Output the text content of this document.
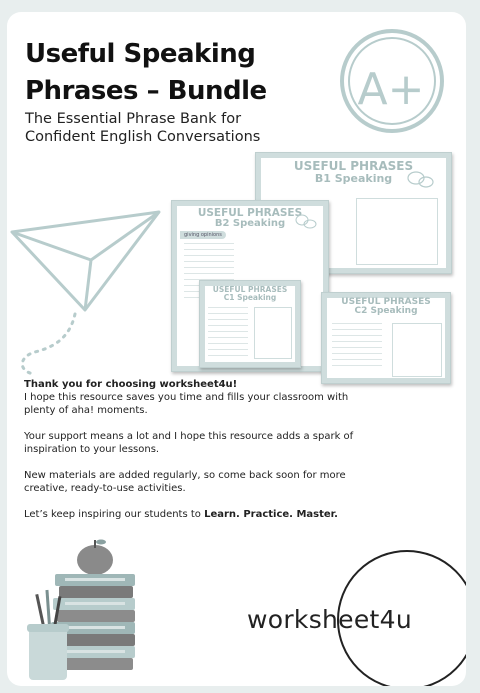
Useful Speaking
Phrases – Bundle

The Essential Phrase Bank for
Confident English Conversations

A+
USEFUL PHRASES
B1 Speaking
USEFUL PHRASES
B2 Speaking
giving opinions
USEFUL PHRASES
C2 Speaking
USEFUL PHRASES
C1 Speaking

Thank you for choosing worksheet4u!
I hope this resource saves you time and fills your classroom with plenty of aha! moments.

Your support means a lot and I hope this resource adds a spark of inspiration to your lessons.

New materials are added regularly, so come back soon for more creative, ready-to-use activities.

Let’s keep inspiring our students to Learn. Practice. Master.

worksheet4u
